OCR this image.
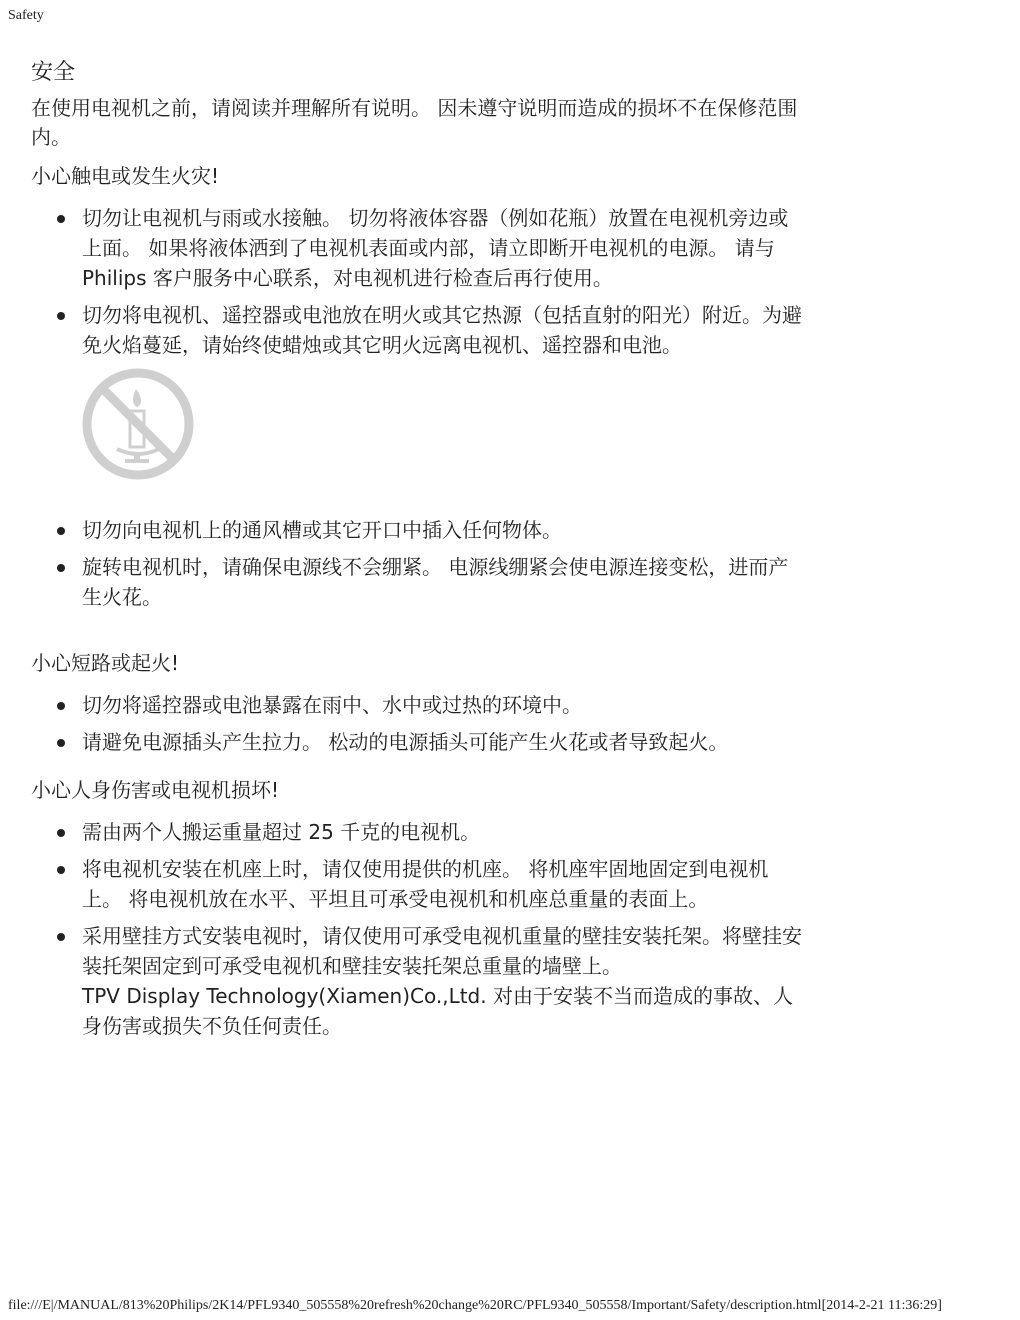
Safety
安全

在使用电视机之前，请阅读并理解所有说明。 因未遵守说明而造成的损坏不在保修范围内。

小心触电或发生火灾!
切勿让电视机与雨或水接触。 切勿将液体容器（例如花瓶）放置在电视机旁边或上面。 如果将液体洒到了电视机表面或内部，请立即断开电视机的电源。 请与Philips 客户服务中心联系，对电视机进行检查后再行使用。
切勿将电视机、遥控器或电池放在明火或其它热源（包括直射的阳光）附近。为避免火焰蔓延，请始终使蜡烛或其它明火远离电视机、遥控器和电池。
切勿向电视机上的通风槽或其它开口中插入任何物体。
旋转电视机时，请确保电源线不会绷紧。 电源线绷紧会使电源连接变松，进而产生火花。
小心短路或起火!
切勿将遥控器或电池暴露在雨中、水中或过热的环境中。
请避免电源插头产生拉力。 松动的电源插头可能产生火花或者导致起火。
小心人身伤害或电视机损坏!
需由两个人搬运重量超过 25 千克的电视机。
将电视机安装在机座上时，请仅使用提供的机座。 将机座牢固地固定到电视机上。 将电视机放在水平、平坦且可承受电视机和机座总重量的表面上。
采用壁挂方式安装电视时，请仅使用可承受电视机重量的壁挂安装托架。将壁挂安装托架固定到可承受电视机和壁挂安装托架总重量的墙壁上。
TPV Display Technology(Xiamen)Co.,Ltd. 对由于安装不当而造成的事故、人身伤害或损失不负任何责任。
file:///E|/MANUAL/813%20Philips/2K14/PFL9340_505558%20refresh%20change%20RC/PFL9340_505558/Important/Safety/description.html[2014-2-21 11:36:29]
